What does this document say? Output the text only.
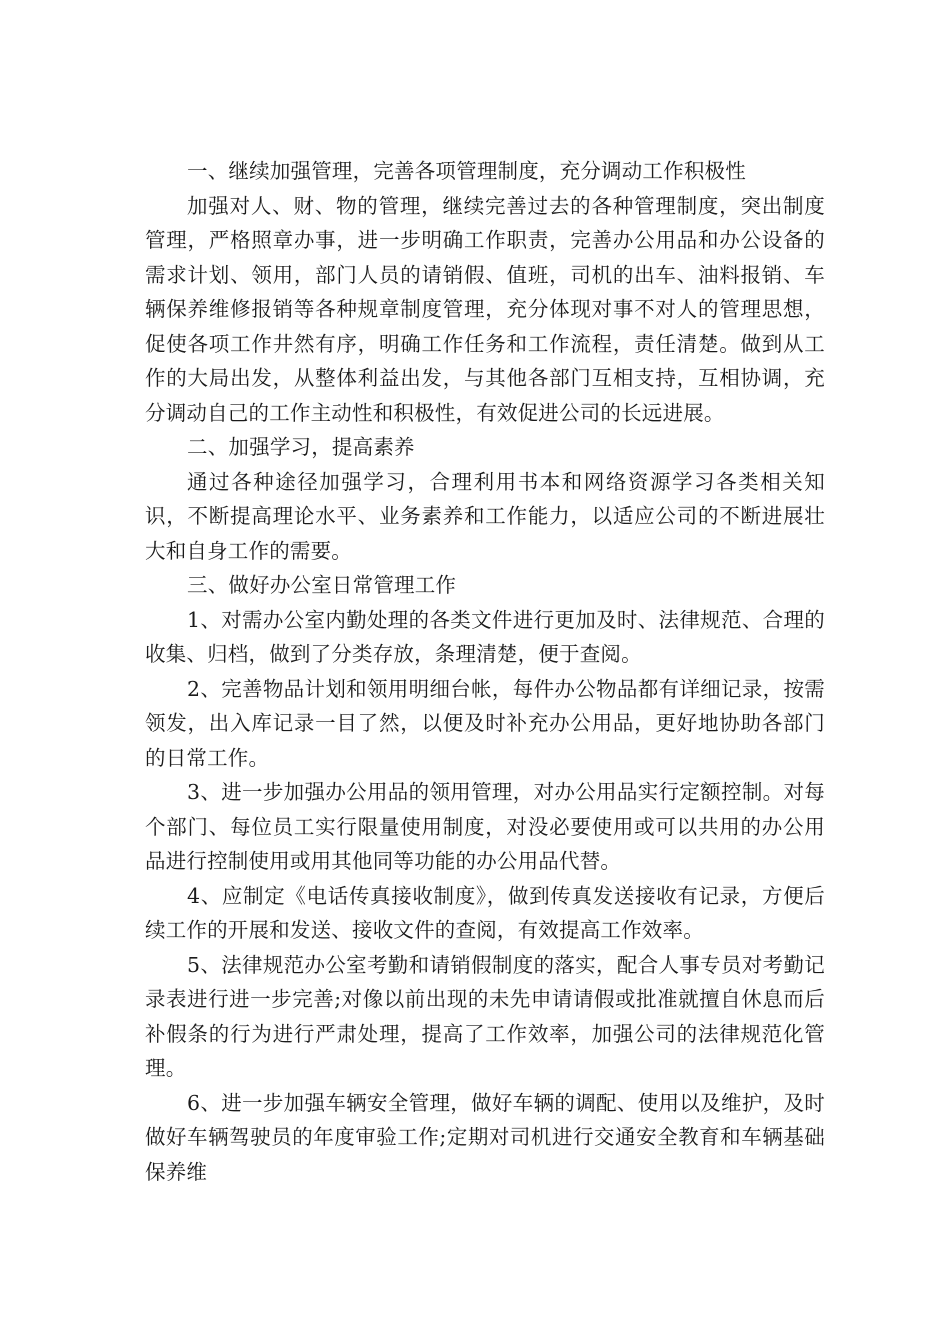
一、继续加强管理，完善各项管理制度，充分调动工作积极性

加强对人、财、物的管理，继续完善过去的各种管理制度，突出制度管理，严格照章办事，进一步明确工作职责，完善办公用品和办公设备的需求计划、领用，部门人员的请销假、值班，司机的出车、油料报销、车辆保养维修报销等各种规章制度管理，充分体现对事不对人的管理思想，促使各项工作井然有序，明确工作任务和工作流程，责任清楚。做到从工作的大局出发，从整体利益出发，与其他各部门互相支持，互相协调，充分调动自己的工作主动性和积极性，有效促进公司的长远进展。

二、加强学习，提高素养

通过各种途径加强学习，合理利用书本和网络资源学习各类相关知识，不断提高理论水平、业务素养和工作能力，以适应公司的不断进展壮大和自身工作的需要。

三、做好办公室日常管理工作

1、对需办公室内勤处理的各类文件进行更加及时、法律规范、合理的收集、归档，做到了分类存放，条理清楚，便于查阅。

2、完善物品计划和领用明细台帐，每件办公物品都有详细记录，按需领发，出入库记录一目了然，以便及时补充办公用品，更好地协助各部门的日常工作。

3、进一步加强办公用品的领用管理，对办公用品实行定额控制。对每个部门、每位员工实行限量使用制度，对没必要使用或可以共用的办公用品进行控制使用或用其他同等功能的办公用品代替。

4、应制定《电话传真接收制度》，做到传真发送接收有记录，方便后续工作的开展和发送、接收文件的查阅，有效提高工作效率。

5、法律规范办公室考勤和请销假制度的落实，配合人事专员对考勤记录表进行进一步完善;对像以前出现的未先申请请假或批准就擅自休息而后补假条的行为进行严肃处理，提高了工作效率，加强公司的法律规范化管理。

6、进一步加强车辆安全管理，做好车辆的调配、使用以及维护，及时做好车辆驾驶员的年度审验工作;定期对司机进行交通安全教育和车辆基础保养维
